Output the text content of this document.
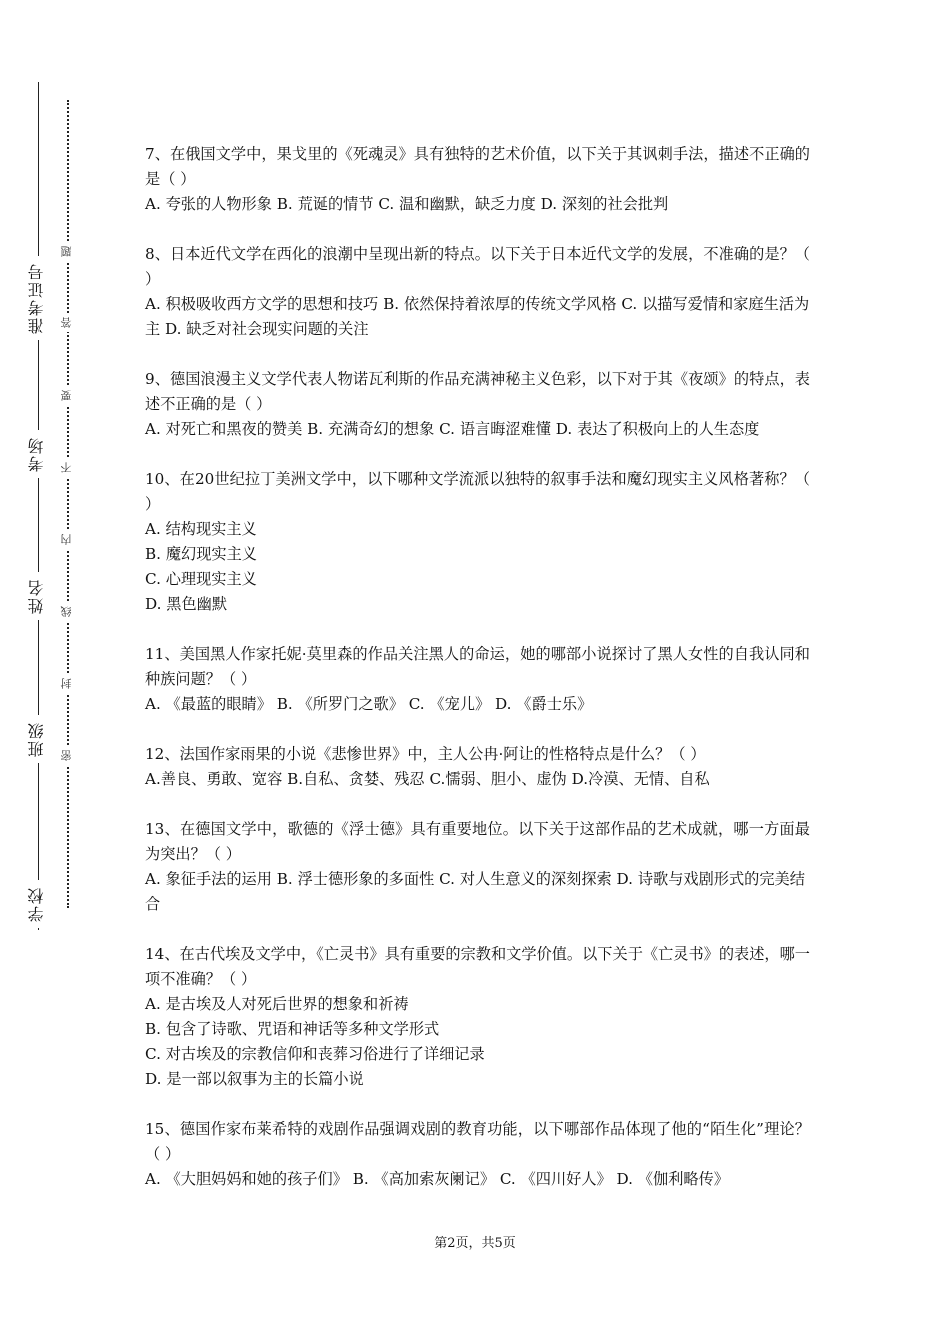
准考证号
考场
姓名
班级
学校
题
答
要
不
内
线
封
密

7、在俄国文学中，果戈里的《死魂灵》具有独特的艺术价值，以下关于其讽刺手法，描述不正确的是（ ）

A. 夸张的人物形象 B. 荒诞的情节 C. 温和幽默，缺乏力度 D. 深刻的社会批判

8、日本近代文学在西化的浪潮中呈现出新的特点。以下关于日本近代文学的发展，不准确的是？（ ）

A. 积极吸收西方文学的思想和技巧 B. 依然保持着浓厚的传统文学风格 C. 以描写爱情和家庭生活为主 D. 缺乏对社会现实问题的关注

9、德国浪漫主义文学代表人物诺瓦利斯的作品充满神秘主义色彩，以下对于其《夜颂》的特点，表述不正确的是（ ）

A. 对死亡和黑夜的赞美 B. 充满奇幻的想象 C. 语言晦涩难懂 D. 表达了积极向上的人生态度

10、在20世纪拉丁美洲文学中，以下哪种文学流派以独特的叙事手法和魔幻现实主义风格著称？（ ）

A. 结构现实主义

B. 魔幻现实主义

C. 心理现实主义

D. 黑色幽默

11、美国黑人作家托妮·莫里森的作品关注黑人的命运，她的哪部小说探讨了黑人女性的自我认同和种族问题？（ ）

A. 《最蓝的眼睛》 B. 《所罗门之歌》 C. 《宠儿》 D. 《爵士乐》

12、法国作家雨果的小说《悲惨世界》中，主人公冉·阿让的性格特点是什么？（ ）

A.善良、勇敢、宽容 B.自私、贪婪、残忍 C.懦弱、胆小、虚伪 D.冷漠、无情、自私

13、在德国文学中，歌德的《浮士德》具有重要地位。以下关于这部作品的艺术成就，哪一方面最为突出？（ ）

A. 象征手法的运用 B. 浮士德形象的多面性 C. 对人生意义的深刻探索 D. 诗歌与戏剧形式的完美结合

14、在古代埃及文学中，《亡灵书》具有重要的宗教和文学价值。以下关于《亡灵书》的表述，哪一项不准确？（ ）

A. 是古埃及人对死后世界的想象和祈祷

B. 包含了诗歌、咒语和神话等多种文学形式

C. 对古埃及的宗教信仰和丧葬习俗进行了详细记录

D. 是一部以叙事为主的长篇小说

15、德国作家布莱希特的戏剧作品强调戏剧的教育功能，以下哪部作品体现了他的“陌生化”理论？（ ）

A. 《大胆妈妈和她的孩子们》 B. 《高加索灰阑记》 C. 《四川好人》 D. 《伽利略传》

第2页，共5页
